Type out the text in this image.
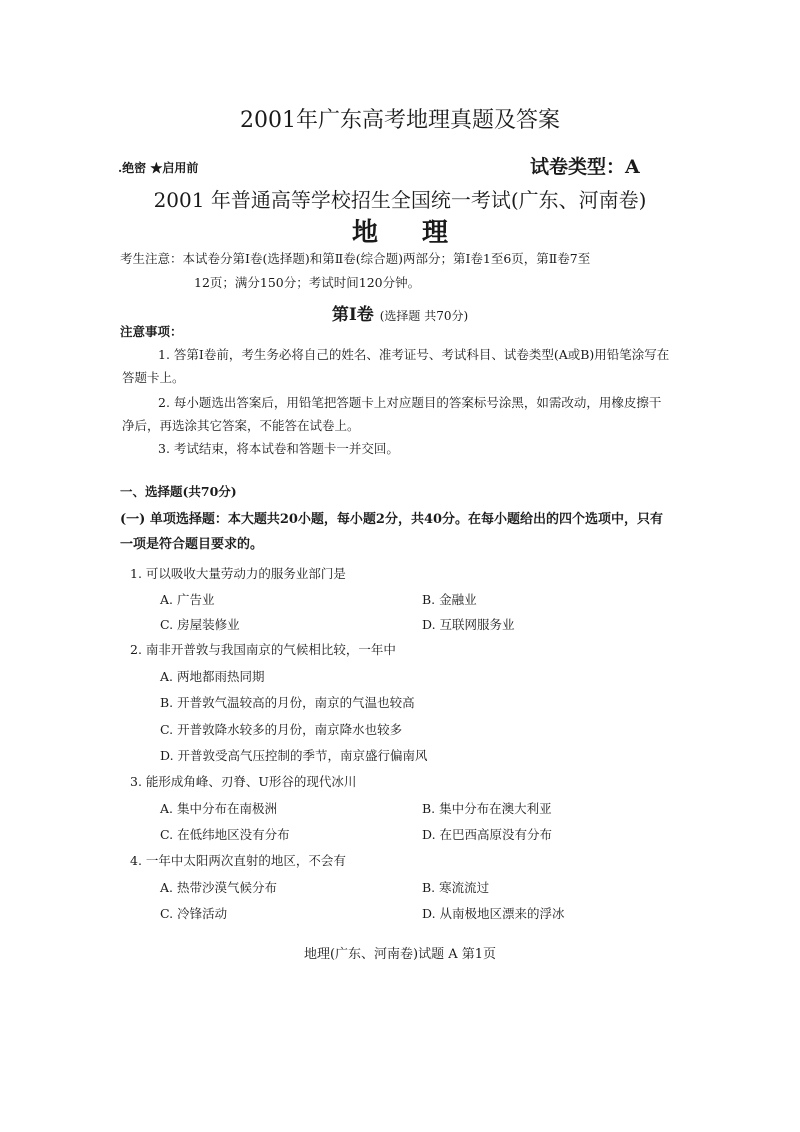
2001年广东高考地理真题及答案
.绝密 ★启用前	试卷类型：A
2001 年普通高等学校招生全国统一考试(广东、河南卷)
地理
考生注意：本试卷分第Ⅰ卷(选择题)和第Ⅱ卷(综合题)两部分；第Ⅰ卷1至6页，第Ⅱ卷7至
12页；满分150分；考试时间120分钟。
第Ⅰ卷 (选择题 共70分)
注意事项：
1. 答第Ⅰ卷前，考生务必将自己的姓名、准考证号、考试科目、试卷类型(A或B)用铅笔涂写在答题卡上。
2. 每小题选出答案后，用铅笔把答题卡上对应题目的答案标号涂黑，如需改动，用橡皮擦干净后，再选涂其它答案，不能答在试卷上。
3. 考试结束，将本试卷和答题卡一并交回。
一、选择题(共70分)
(一) 单项选择题：本大题共20小题，每小题2分，共40分。在每小题给出的四个选项中，只有一项是符合题目要求的。
1. 可以吸收大量劳动力的服务业部门是
A. 广告业	B. 金融业
C. 房屋装修业	D. 互联网服务业
2. 南非开普敦与我国南京的气候相比较，一年中
A. 两地都雨热同期
B. 开普敦气温较高的月份，南京的气温也较高
C. 开普敦降水较多的月份，南京降水也较多
D. 开普敦受高气压控制的季节，南京盛行偏南风
3. 能形成角峰、刃脊、U形谷的现代冰川
A. 集中分布在南极洲	B. 集中分布在澳大利亚
C. 在低纬地区没有分布	D. 在巴西高原没有分布
4. 一年中太阳两次直射的地区，不会有
A. 热带沙漠气候分布	B. 寒流流过
C. 冷锋活动	D. 从南极地区漂来的浮冰
地理(广东、河南卷)试题 A 第1页
